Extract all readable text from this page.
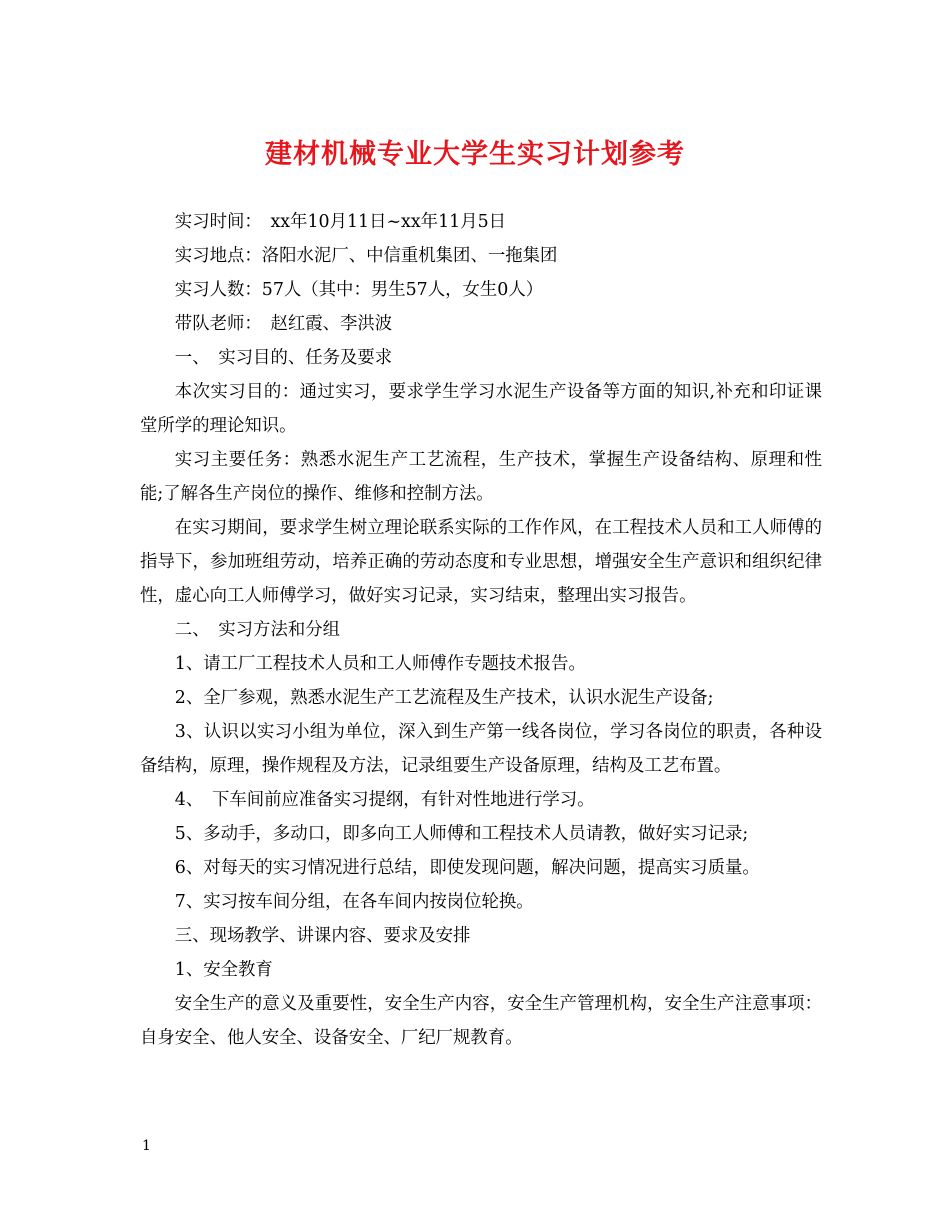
建材机械专业大学生实习计划参考

实习时间：　xx年10月11日~xx年11月5日

实习地点：洛阳水泥厂、中信重机集团、一拖集团

实习人数：57人（其中：男生57人，女生0人）

带队老师：　赵红霞、李洪波

一、　实习目的、任务及要求

本次实习目的：通过实习，要求学生学习水泥生产设备等方面的知识,补充和印证课堂所学的理论知识。

实习主要任务：熟悉水泥生产工艺流程，生产技术，掌握生产设备结构、原理和性能;了解各生产岗位的操作、维修和控制方法。

在实习期间，要求学生树立理论联系实际的工作作风，在工程技术人员和工人师傅的指导下，参加班组劳动，培养正确的劳动态度和专业思想，增强安全生产意识和组织纪律性，虚心向工人师傅学习，做好实习记录，实习结束，整理出实习报告。

二、　实习方法和分组

1、请工厂工程技术人员和工人师傅作专题技术报告。

2、全厂参观，熟悉水泥生产工艺流程及生产技术，认识水泥生产设备;

3、认识以实习小组为单位，深入到生产第一线各岗位，学习各岗位的职责，各种设备结构，原理，操作规程及方法，记录组要生产设备原理，结构及工艺布置。

4、　下车间前应准备实习提纲，有针对性地进行学习。

5、多动手，多动口，即多向工人师傅和工程技术人员请教，做好实习记录;

6、对每天的实习情况进行总结，即使发现问题，解决问题，提高实习质量。

7、实习按车间分组，在各车间内按岗位轮换。

三、现场教学、讲课内容、要求及安排

1、安全教育

安全生产的意义及重要性，安全生产内容，安全生产管理机构，安全生产注意事项：自身安全、他人安全、设备安全、厂纪厂规教育。

1
